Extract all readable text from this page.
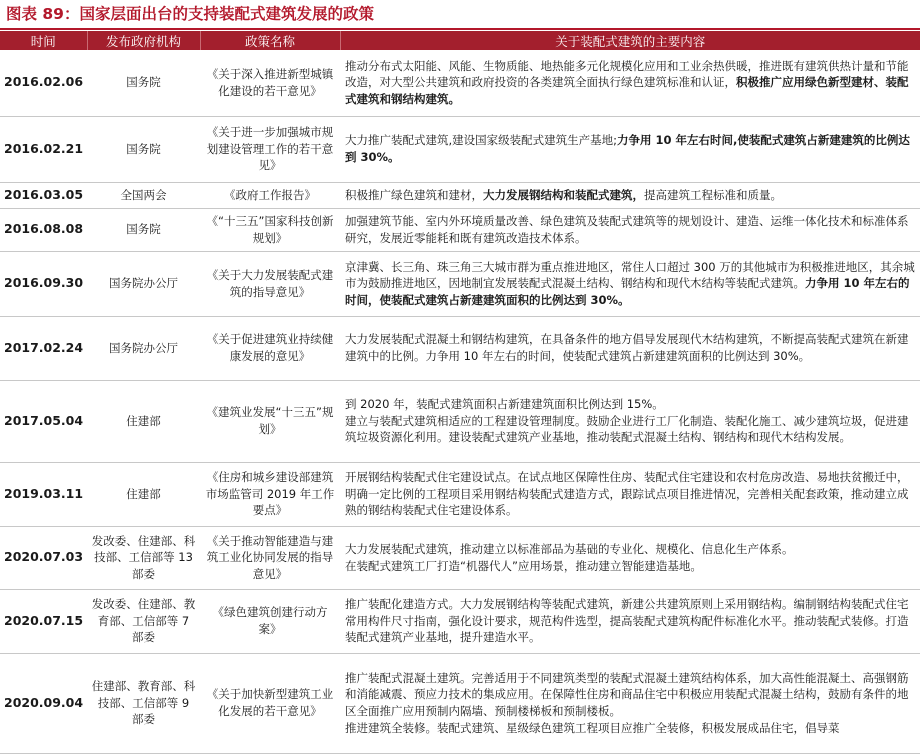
图表 89：国家层面出台的支持装配式建筑发展的政策
时间	发布政府机构	政策名称	关于装配式建筑的主要内容
2016.02.06	国务院	《关于深入推进新型城镇化建设的若干意见》	推动分布式太阳能、风能、生物质能、地热能多元化规模化应用和工业余热供暖，推进既有建筑供热计量和节能改造，对大型公共建筑和政府投资的各类建筑全面执行绿色建筑标准和认证，积极推广应用绿色新型建材、装配式建筑和钢结构建筑。
2016.02.21	国务院	《关于进一步加强城市规划建设管理工作的若干意见》	大力推广装配式建筑,建设国家级装配式建筑生产基地;力争用 10 年左右时间,使装配式建筑占新建建筑的比例达到 30%。
2016.03.05	全国两会	《政府工作报告》	积极推广绿色建筑和建材，大力发展钢结构和装配式建筑，提高建筑工程标准和质量。
2016.08.08	国务院	《“十三五”国家科技创新规划》	加强建筑节能、室内外环境质量改善、绿色建筑及装配式建筑等的规划设计、建造、运维一体化技术和标准体系研究，发展近零能耗和既有建筑改造技术体系。
2016.09.30	国务院办公厅	《关于大力发展装配式建筑的指导意见》	京津冀、长三角、珠三角三大城市群为重点推进地区，常住人口超过 300 万的其他城市为积极推进地区，其余城市为鼓励推进地区，因地制宜发展装配式混凝土结构、钢结构和现代木结构等装配式建筑。力争用 10 年左右的时间，使装配式建筑占新建建筑面积的比例达到 30%。
2017.02.24	国务院办公厅	《关于促进建筑业持续健康发展的意见》	大力发展装配式混凝土和钢结构建筑，在具备条件的地方倡导发展现代木结构建筑，不断提高装配式建筑在新建建筑中的比例。力争用 10 年左右的时间，使装配式建筑占新建建筑面积的比例达到 30%。
2017.05.04	住建部	《建筑业发展“十三五”规划》	到 2020 年，装配式建筑面积占新建建筑面积比例达到 15%。
建立与装配式建筑相适应的工程建设管理制度。鼓励企业进行工厂化制造、装配化施工、减少建筑垃圾，促进建筑垃圾资源化利用。建设装配式建筑产业基地，推动装配式混凝土结构、钢结构和现代木结构发展。

2019.03.11	住建部	《住房和城乡建设部建筑市场监管司 2019 年工作要点》	开展钢结构装配式住宅建设试点。在试点地区保障性住房、装配式住宅建设和农村危房改造、易地扶贫搬迁中，明确一定比例的工程项目采用钢结构装配式建造方式，跟踪试点项目推进情况，完善相关配套政策，推动建立成熟的钢结构装配式住宅建设体系。
2020.07.03	发改委、住建部、科技部、工信部等 13 部委	《关于推动智能建造与建筑工业化协同发展的指导意见》	大力发展装配式建筑，推动建立以标准部品为基础的专业化、规模化、信息化生产体系。
在装配式建筑工厂打造“机器代人”应用场景，推动建立智能建造基地。

2020.07.15	发改委、住建部、教育部、工信部等 7 部委	《绿色建筑创建行动方案》	推广装配化建造方式。大力发展钢结构等装配式建筑，新建公共建筑原则上采用钢结构。编制钢结构装配式住宅常用构件尺寸指南，强化设计要求，规范构件选型，提高装配式建筑构配件标准化水平。推动装配式装修。打造装配式建筑产业基地，提升建造水平。
2020.09.04	住建部、教育部、科技部、工信部等 9 部委	《关于加快新型建筑工业化发展的若干意见》	推广装配式混凝土建筑。完善适用于不同建筑类型的装配式混凝土建筑结构体系，加大高性能混凝土、高强钢筋和消能减震、预应力技术的集成应用。在保障性住房和商品住宅中积极应用装配式混凝土结构，鼓励有条件的地区全面推广应用预制内隔墙、预制楼梯板和预制楼板。
推进建筑全装修。装配式建筑、星级绿色建筑工程项目应推广全装修，积极发展成品住宅，倡导菜
